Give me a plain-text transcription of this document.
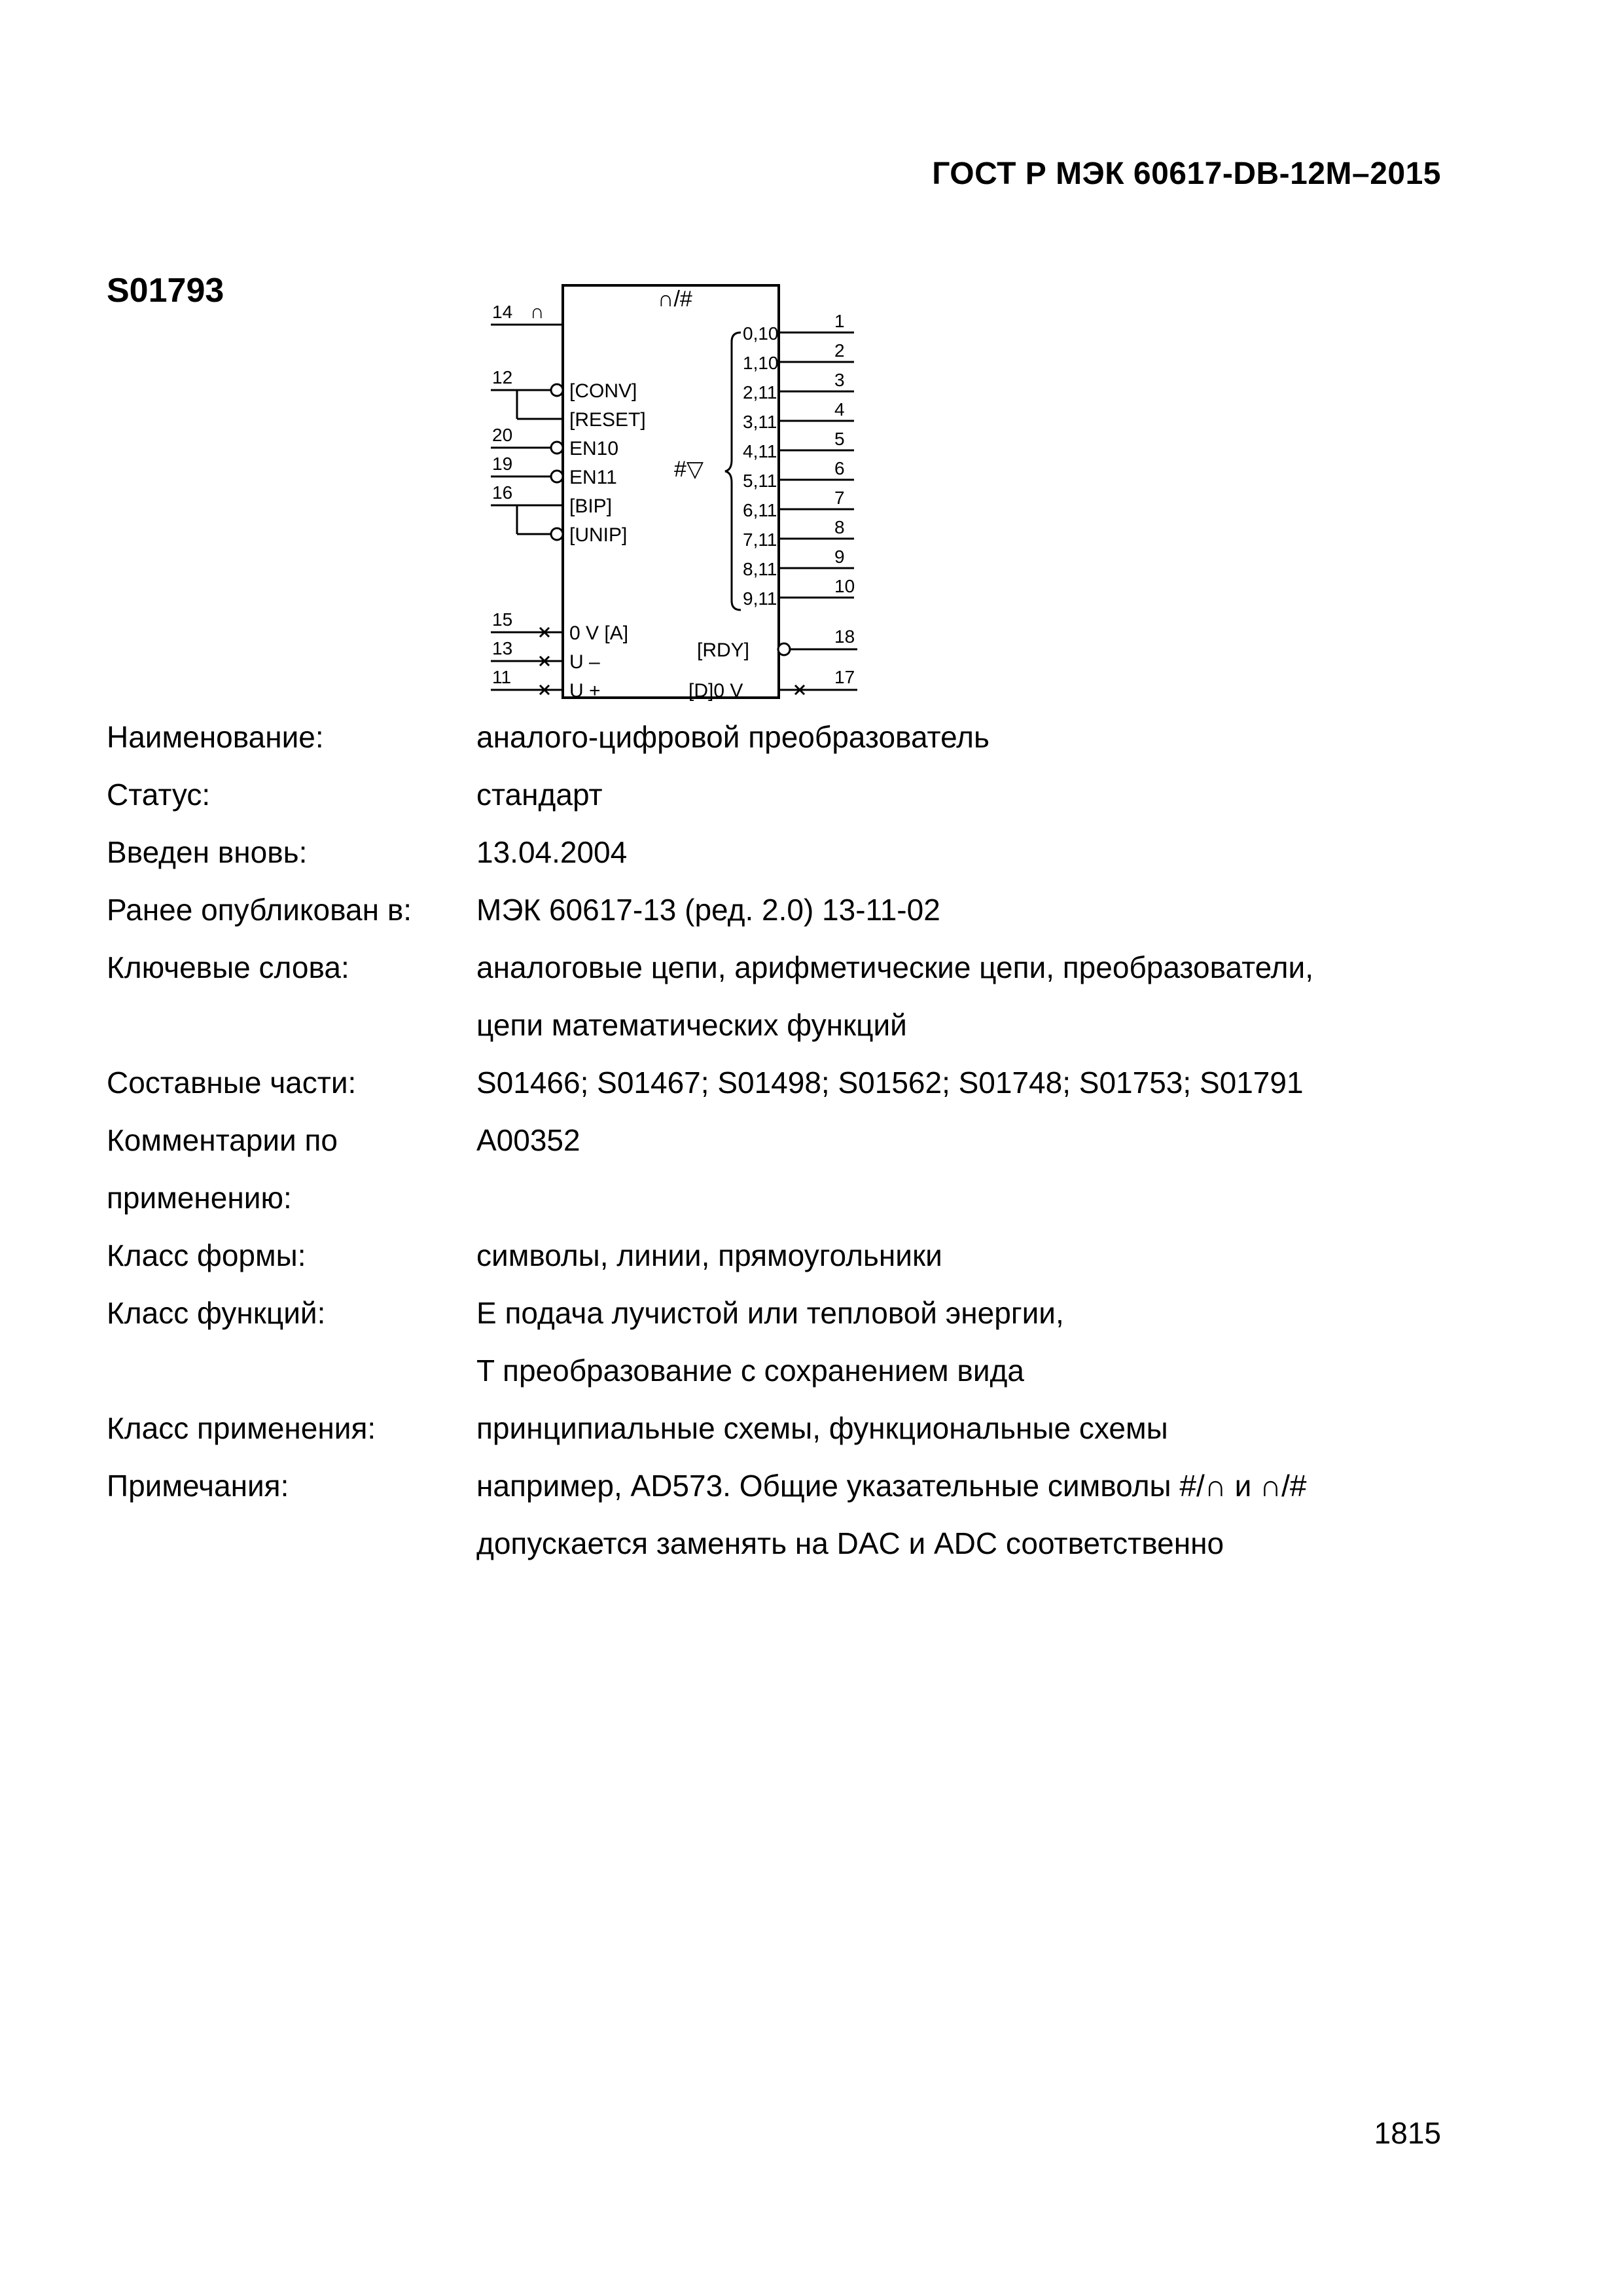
ГОСТ Р МЭК 60617-DB-12М–2015
S01793	∩/#
#▽
14 ∩
12
20
19
16
[CONV]
[RESET]
EN10
EN11
[BIP]
[UNIP]
15
0 V [A]
13
U –
11
U +
0,10
1
1,10
2
2,11
3
3,11
4
4,11
5
5,11
6
6,11
7
7,11
8
8,11
9
9,11
10
[RDY]
18
[D]0 V
17
Наименование:	аналого-цифровой преобразователь
Статус:	стандарт
Введен вновь:	13.04.2004
Ранее опубликован в:	МЭК 60617-13 (ред. 2.0) 13-11-02
Ключевые слова:	аналоговые цепи, арифметические цепи, преобразователи,
цепи математических функций
Составные части:	S01466; S01467; S01498; S01562; S01748; S01753; S01791
Комментарии по	A00352
применению:

Класс формы:	символы, линии, прямоугольники
Класс функций:	E подача лучистой или тепловой энергии,
T преобразование с сохранением вида
Класс применения:	принципиальные схемы, функциональные схемы
Примечания:	например, AD573. Общие указательные символы #/∩ и ∩/#
допускается заменять на DAC и ADC соответственно
1815
